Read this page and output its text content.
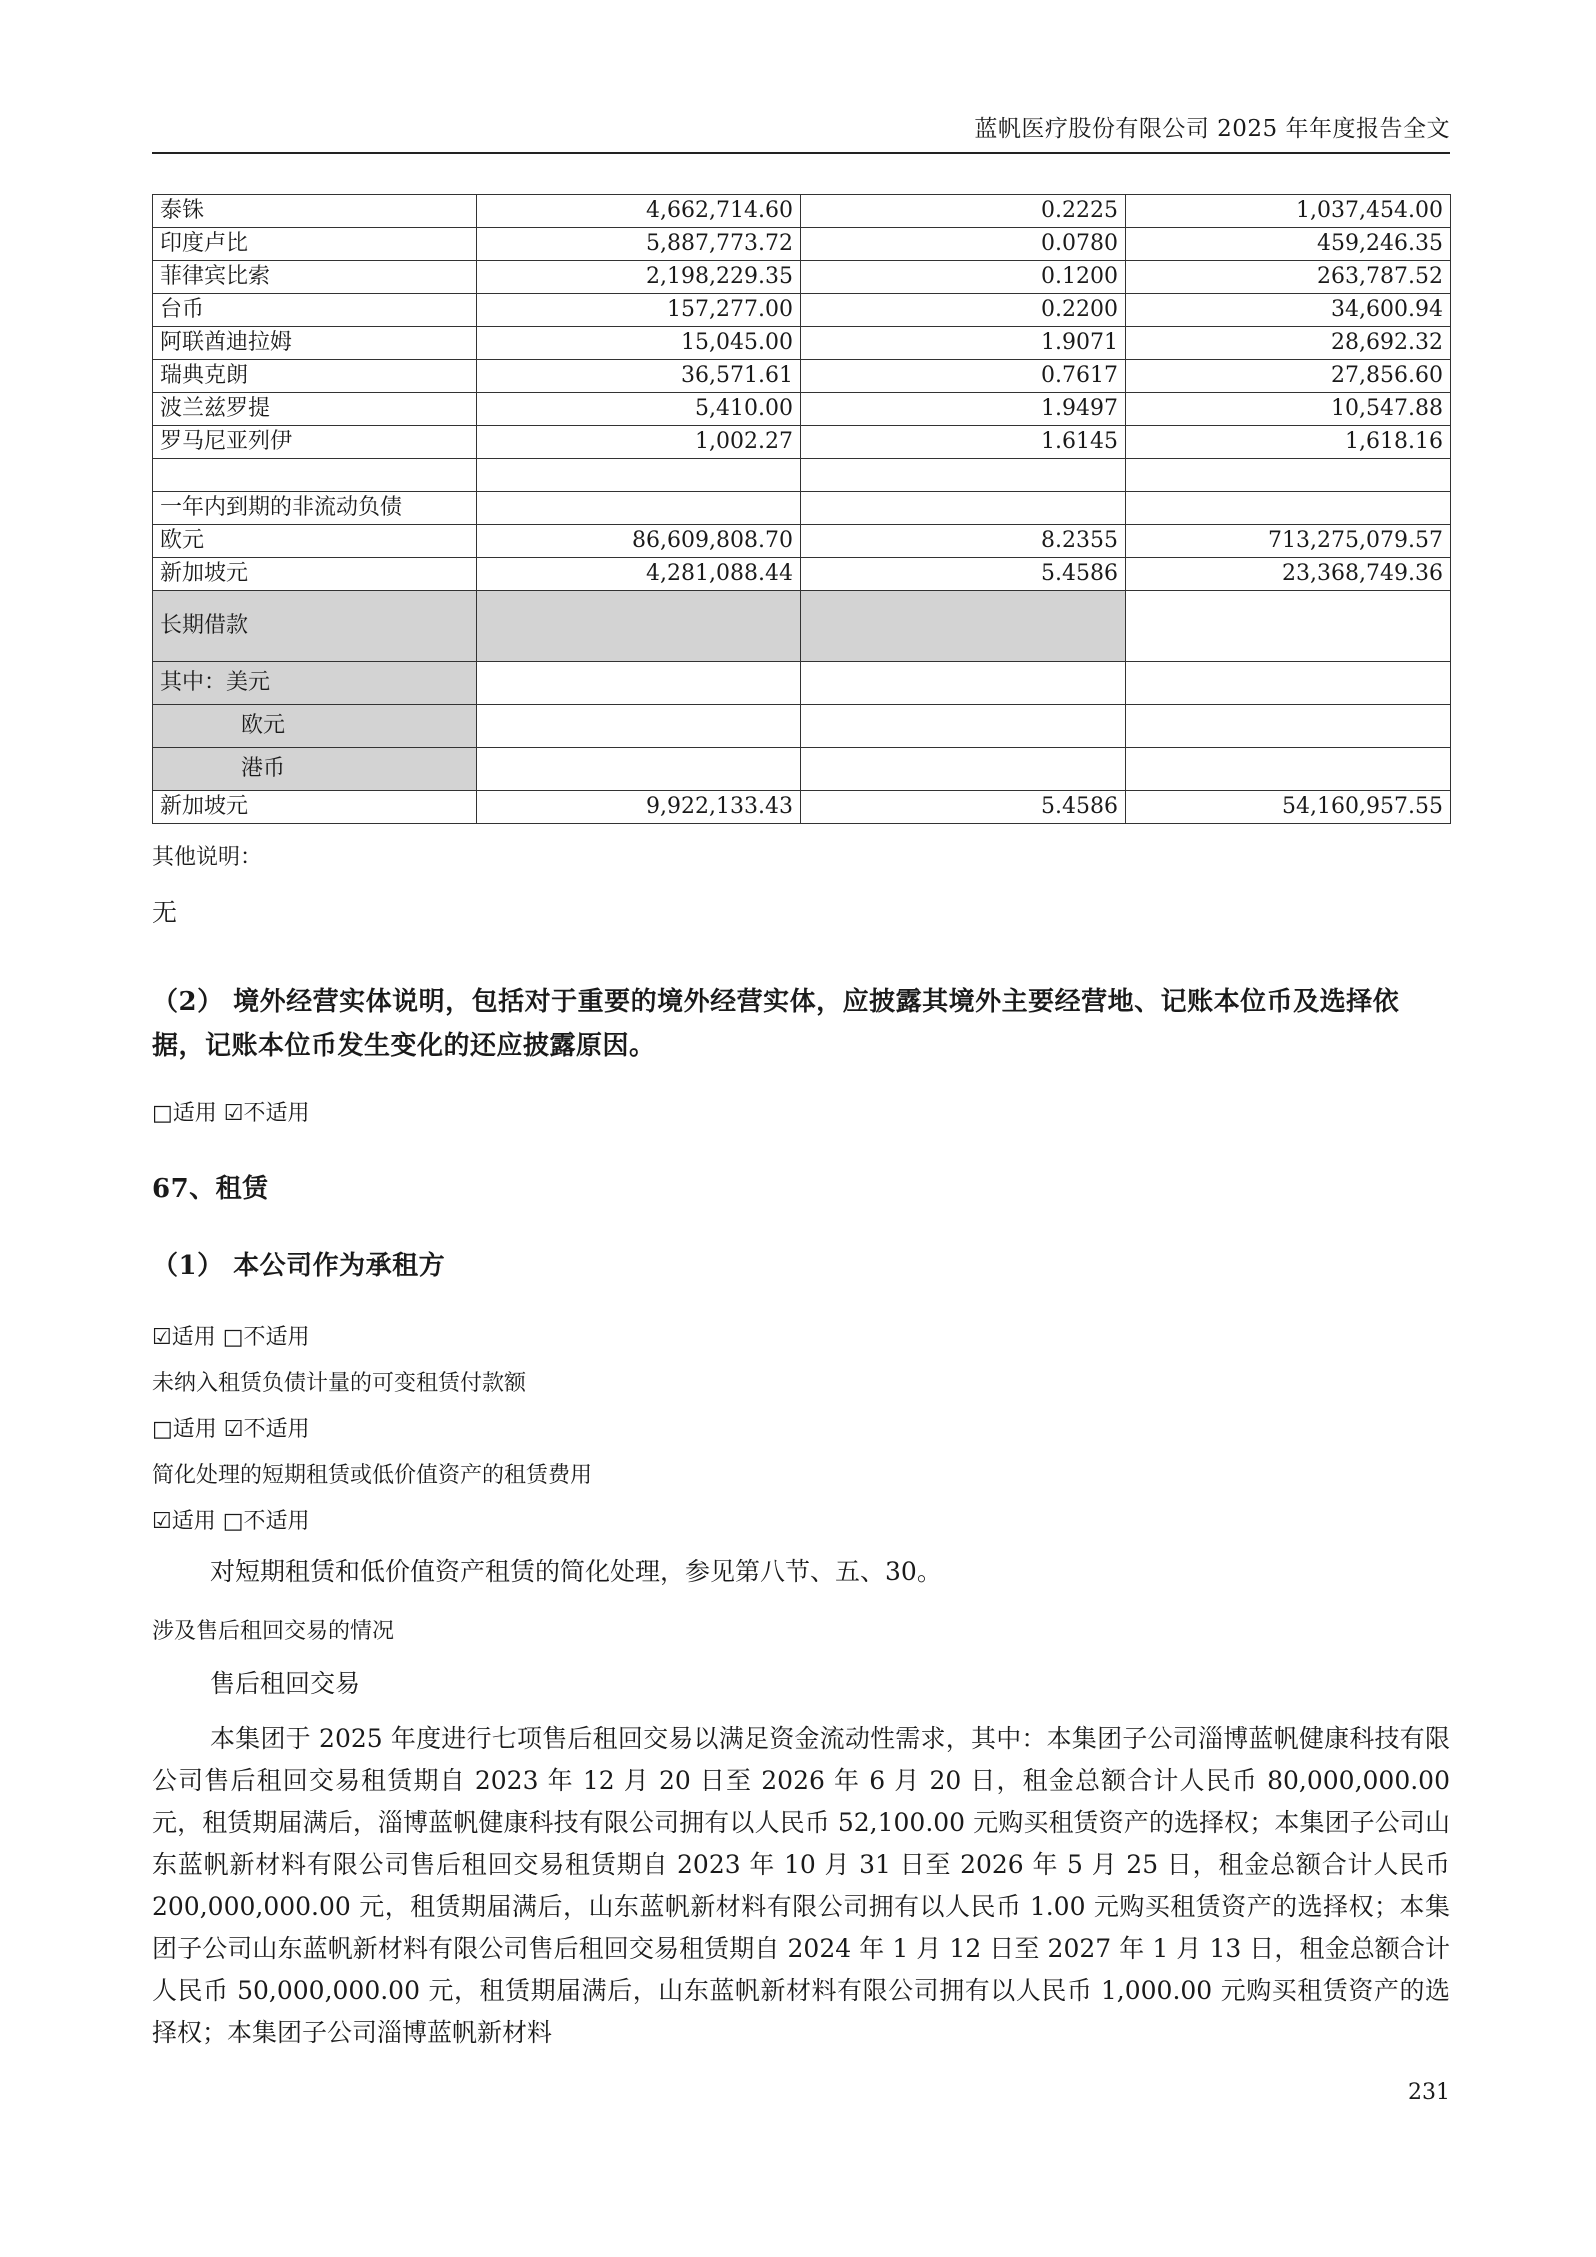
蓝帆医疗股份有限公司 2025 年年度报告全文
泰铢	4,662,714.60	0.2225	1,037,454.00
印度卢比	5,887,773.72	0.0780	459,246.35
菲律宾比索	2,198,229.35	0.1200	263,787.52
台币	157,277.00	0.2200	34,600.94
阿联酋迪拉姆	15,045.00	1.9071	28,692.32
瑞典克朗	36,571.61	0.7617	27,856.60
波兰兹罗提	5,410.00	1.9497	10,547.88
罗马尼亚列伊	1,002.27	1.6145	1,618.16

一年内到期的非流动负债			
欧元	86,609,808.70	8.2355	713,275,079.57
新加坡元	4,281,088.44	5.4586	23,368,749.36
长期借款			
其中：美元			
欧元			
港币			
新加坡元	9,922,133.43	5.4586	54,160,957.55
其他说明：
无
（2） 境外经营实体说明，包括对于重要的境外经营实体，应披露其境外主要经营地、记账本位币及选择依据，记账本位币发生变化的还应披露原因。
□适用 ☑不适用
67、租赁
（1） 本公司作为承租方
☑适用 □不适用
未纳入租赁负债计量的可变租赁付款额
□适用 ☑不适用
简化处理的短期租赁或低价值资产的租赁费用
☑适用 □不适用
对短期租赁和低价值资产租赁的简化处理，参见第八节、五、30。
涉及售后租回交易的情况
售后租回交易
本集团于 2025 年度进行七项售后租回交易以满足资金流动性需求，其中：本集团子公司淄博蓝帆健康科技有限公司售后租回交易租赁期自 2023 年 12 月 20 日至 2026 年 6 月 20 日，租金总额合计人民币 80,000,000.00 元，租赁期届满后，淄博蓝帆健康科技有限公司拥有以人民币 52,100.00 元购买租赁资产的选择权；本集团子公司山东蓝帆新材料有限公司售后租回交易租赁期自 2023 年 10 月 31 日至 2026 年 5 月 25 日，租金总额合计人民币 200,000,000.00 元，租赁期届满后，山东蓝帆新材料有限公司拥有以人民币 1.00 元购买租赁资产的选择权；本集团子公司山东蓝帆新材料有限公司售后租回交易租赁期自 2024 年 1 月 12 日至 2027 年 1 月 13 日，租金总额合计人民币 50,000,000.00 元，租赁期届满后，山东蓝帆新材料有限公司拥有以人民币 1,000.00 元购买租赁资产的选择权；本集团子公司淄博蓝帆新材料
231
